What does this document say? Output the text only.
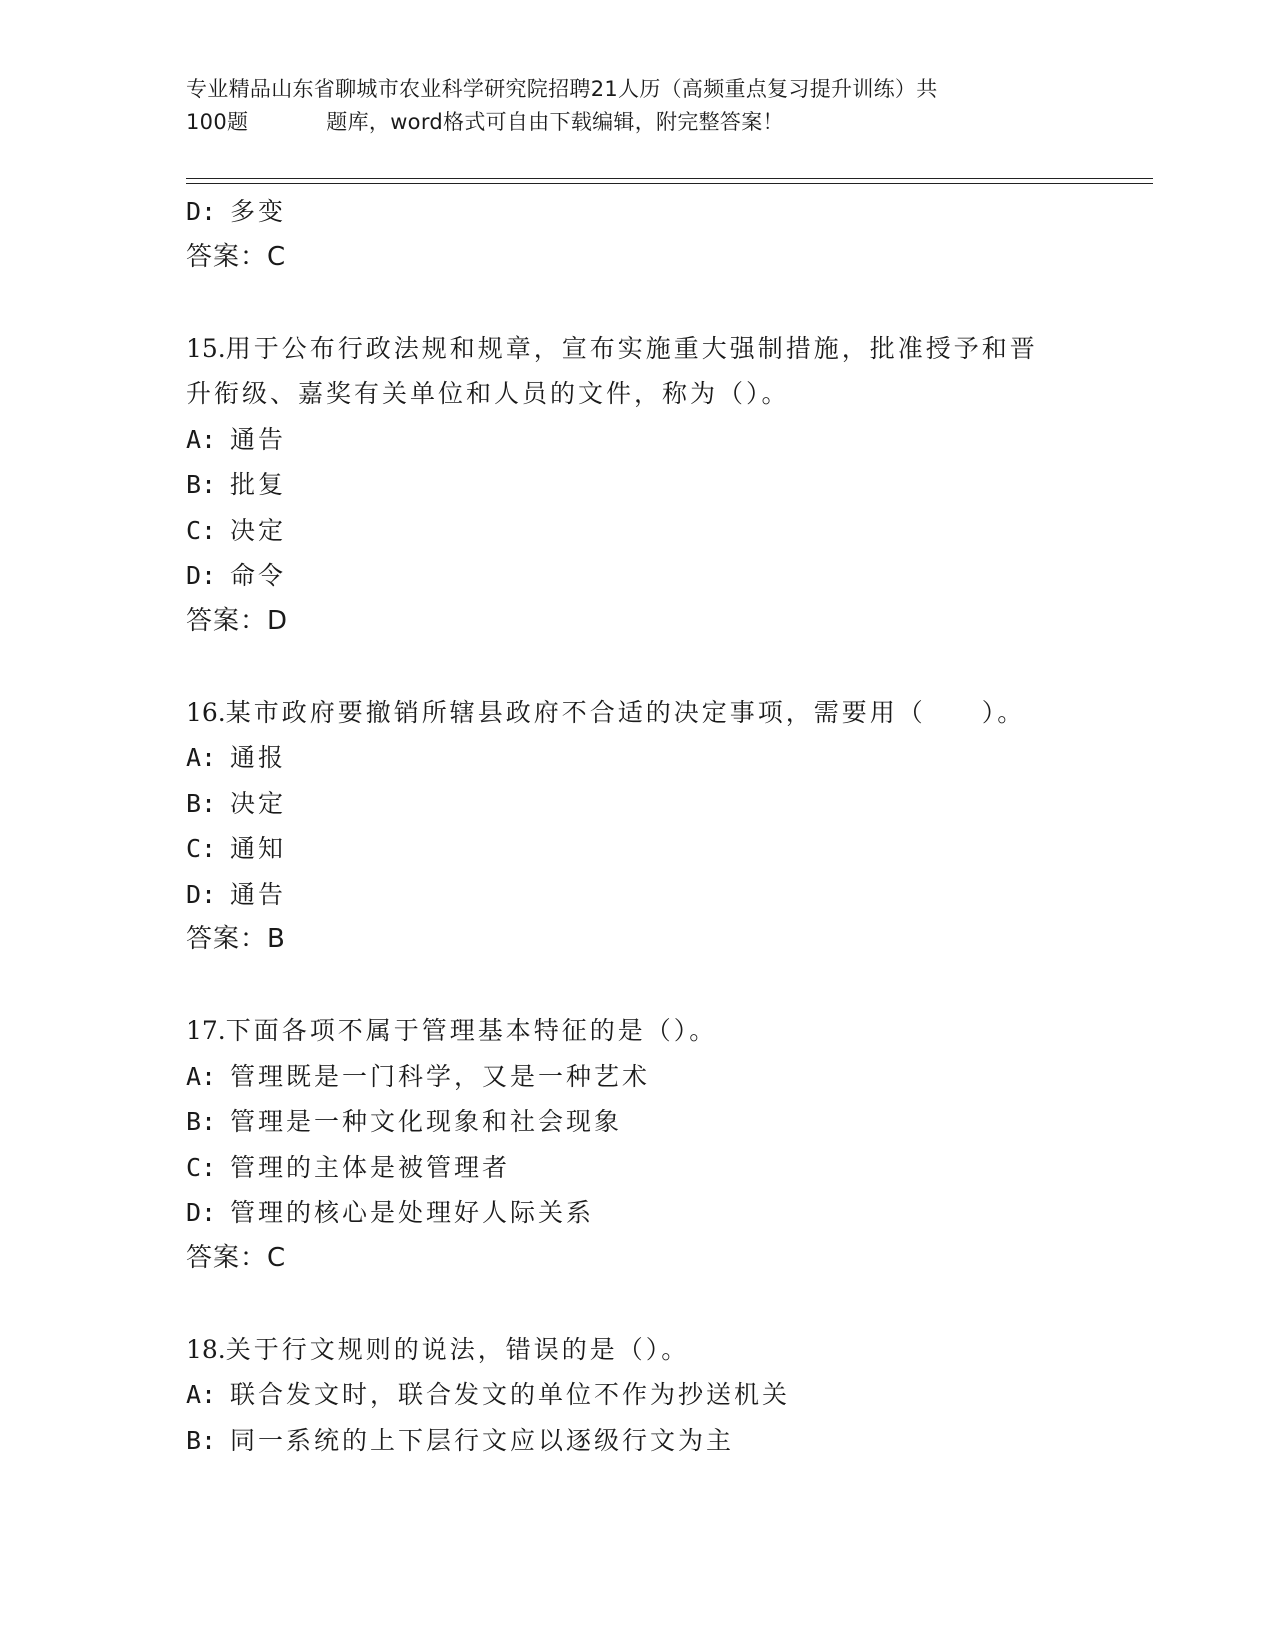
专业精品山东省聊城市农业科学研究院招聘21人历（高频重点复习提升训练）共
100题	题库，word格式可自由下载编辑，附完整答案！
D: 多变
答案：C
15.用于公布行政法规和规章，宣布实施重大强制措施，批准授予和晋
升衔级、嘉奖有关单位和人员的文件，称为（）。
A: 通告
B: 批复
C: 决定
D: 命令
答案：D
16.某市政府要撤销所辖县政府不合适的决定事项，需要用（　　）。
A: 通报
B: 决定
C: 通知
D: 通告
答案：B
17.下面各项不属于管理基本特征的是（）。
A: 管理既是一门科学，又是一种艺术
B: 管理是一种文化现象和社会现象
C: 管理的主体是被管理者
D: 管理的核心是处理好人际关系
答案：C
18.关于行文规则的说法，错误的是（）。
A: 联合发文时，联合发文的单位不作为抄送机关
B: 同一系统的上下层行文应以逐级行文为主
